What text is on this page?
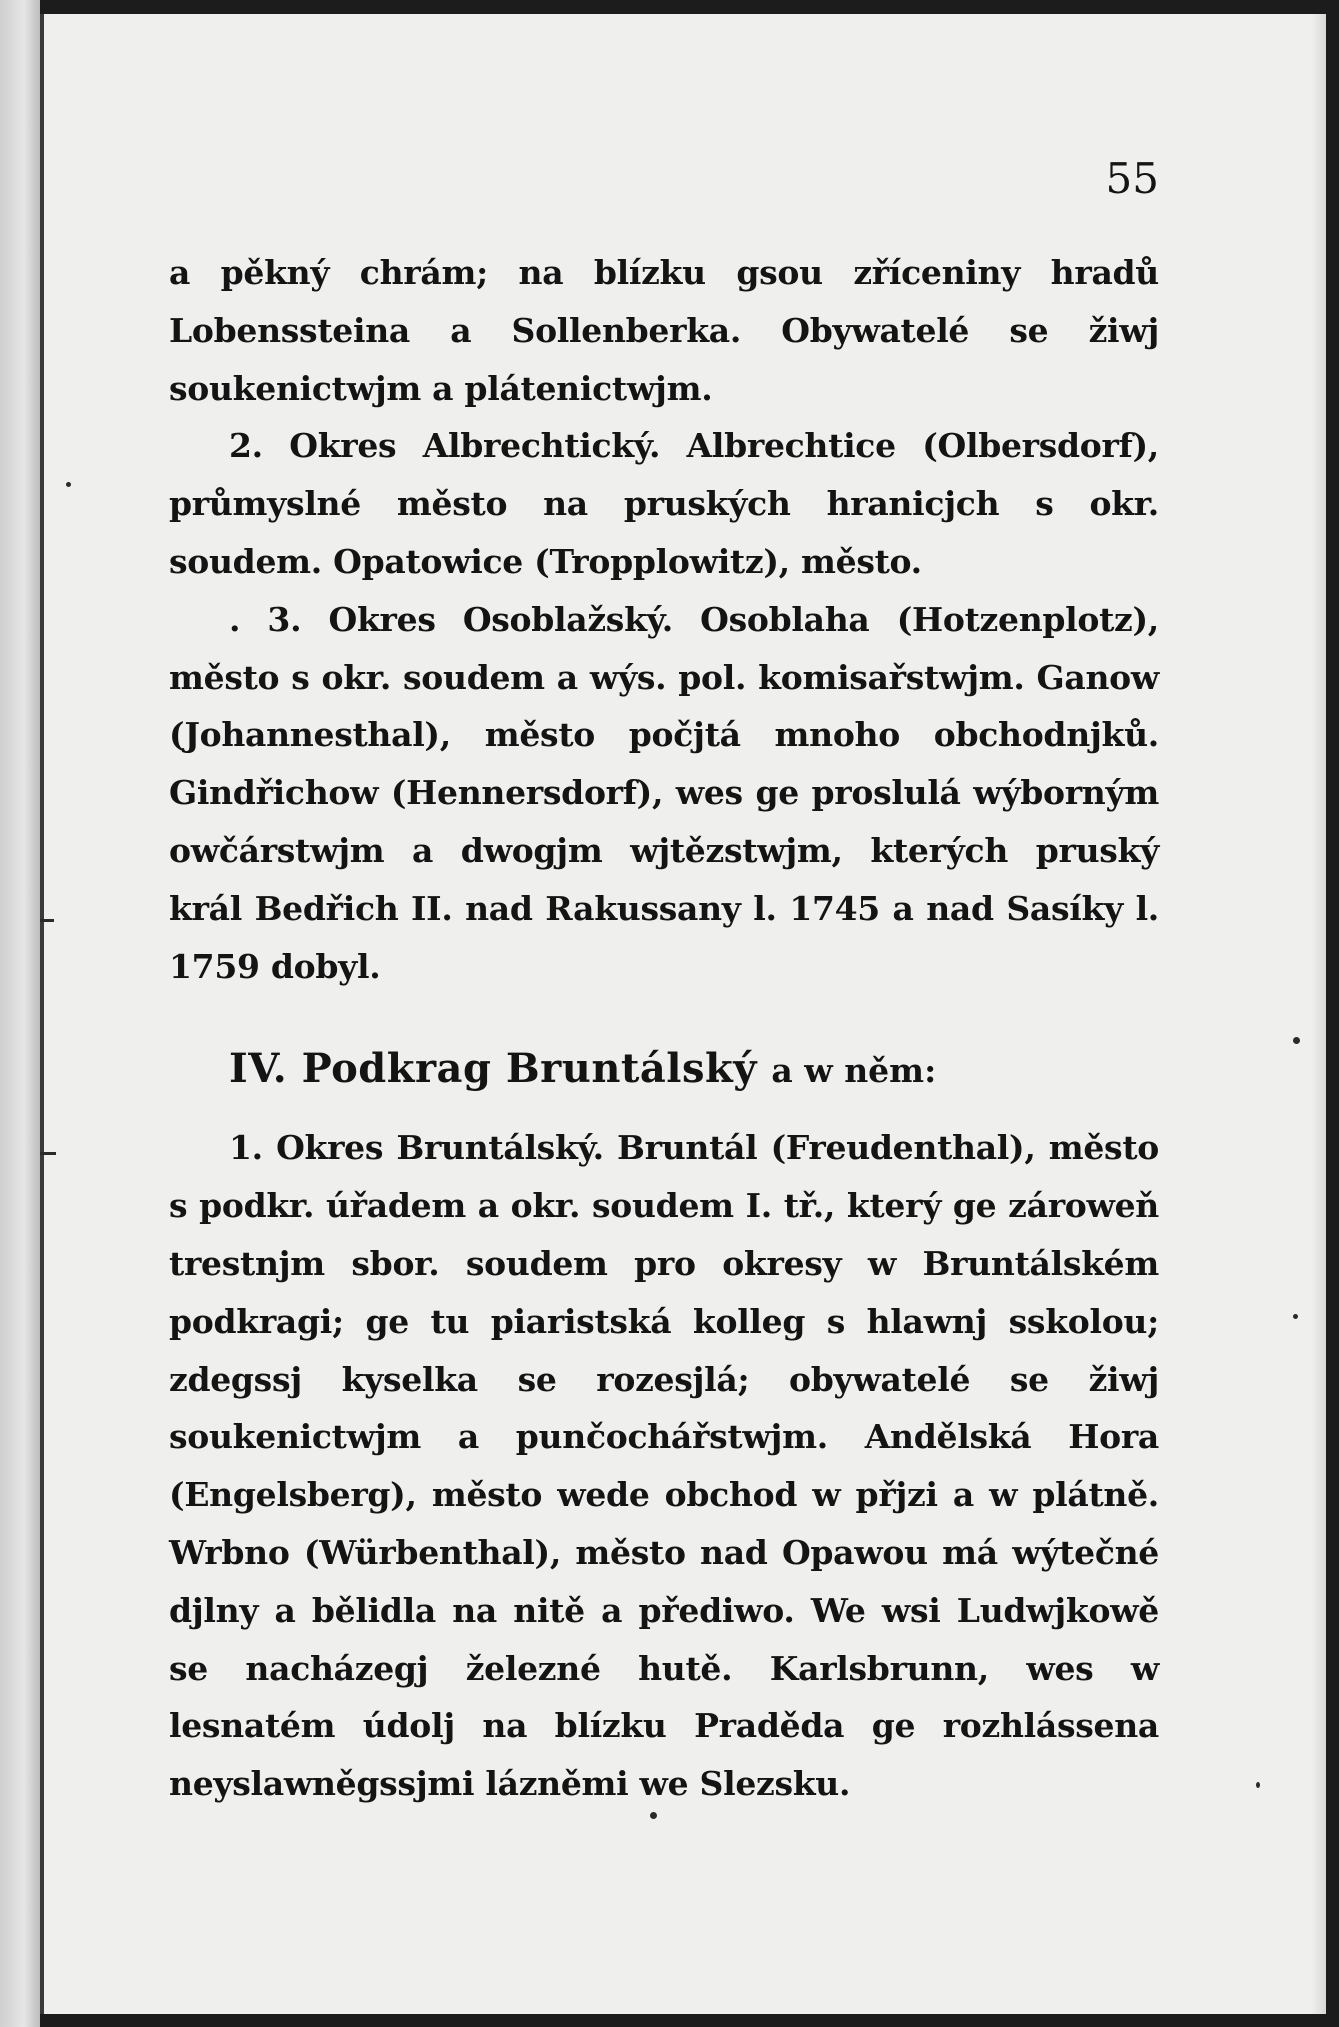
55

a pěkný chrám; na blízku gsou zříceniny hradů Lobenssteina a Sollenberka. Obywatelé se žiwj soukenictwjm a plátenictwjm.

2. Okres Albrechtický. Albrechtice (Olbersdorf), průmyslné město na pruských hranicjch s okr. soudem. Opatowice (Tropplowitz), město.

. 3. Okres Osoblažský. Osoblaha (Hotzenplotz), město s okr. soudem a wýs. pol. komisařstwjm. Ganow (Johannesthal), město počjtá mnoho obchodnjků. Gindřichow (Hennersdorf), wes ge proslulá wýborným owčárstwjm a dwogjm wjtězstwjm, kterých pruský král Bedřich II. nad Rakussany l. 1745 a nad Sasíky l. 1759 dobyl.

IV. Podkrag Bruntálský a w něm:

1. Okres Bruntálský. Bruntál (Freudenthal), město s podkr. úřadem a okr. soudem I. tř., který ge zároweň trestnjm sbor. soudem pro okresy w Bruntálském podkragi; ge tu piaristská kolleg s hlawnj sskolou; zdegssj kyselka se rozesjlá; obywatelé se žiwj soukenictwjm a punčochářstwjm. Andělská Hora (Engelsberg), město wede obchod w přjzi a w plátně. Wrbno (Würbenthal), město nad Opawou má wýtečné djlny a bělidla na nitě a přediwo. We wsi Ludwjkowě se nacházegj železné hutě. Karlsbrunn, wes w lesnatém údolj na blízku Praděda ge rozhlássena neyslawněgssjmi lázněmi we Slezsku.
